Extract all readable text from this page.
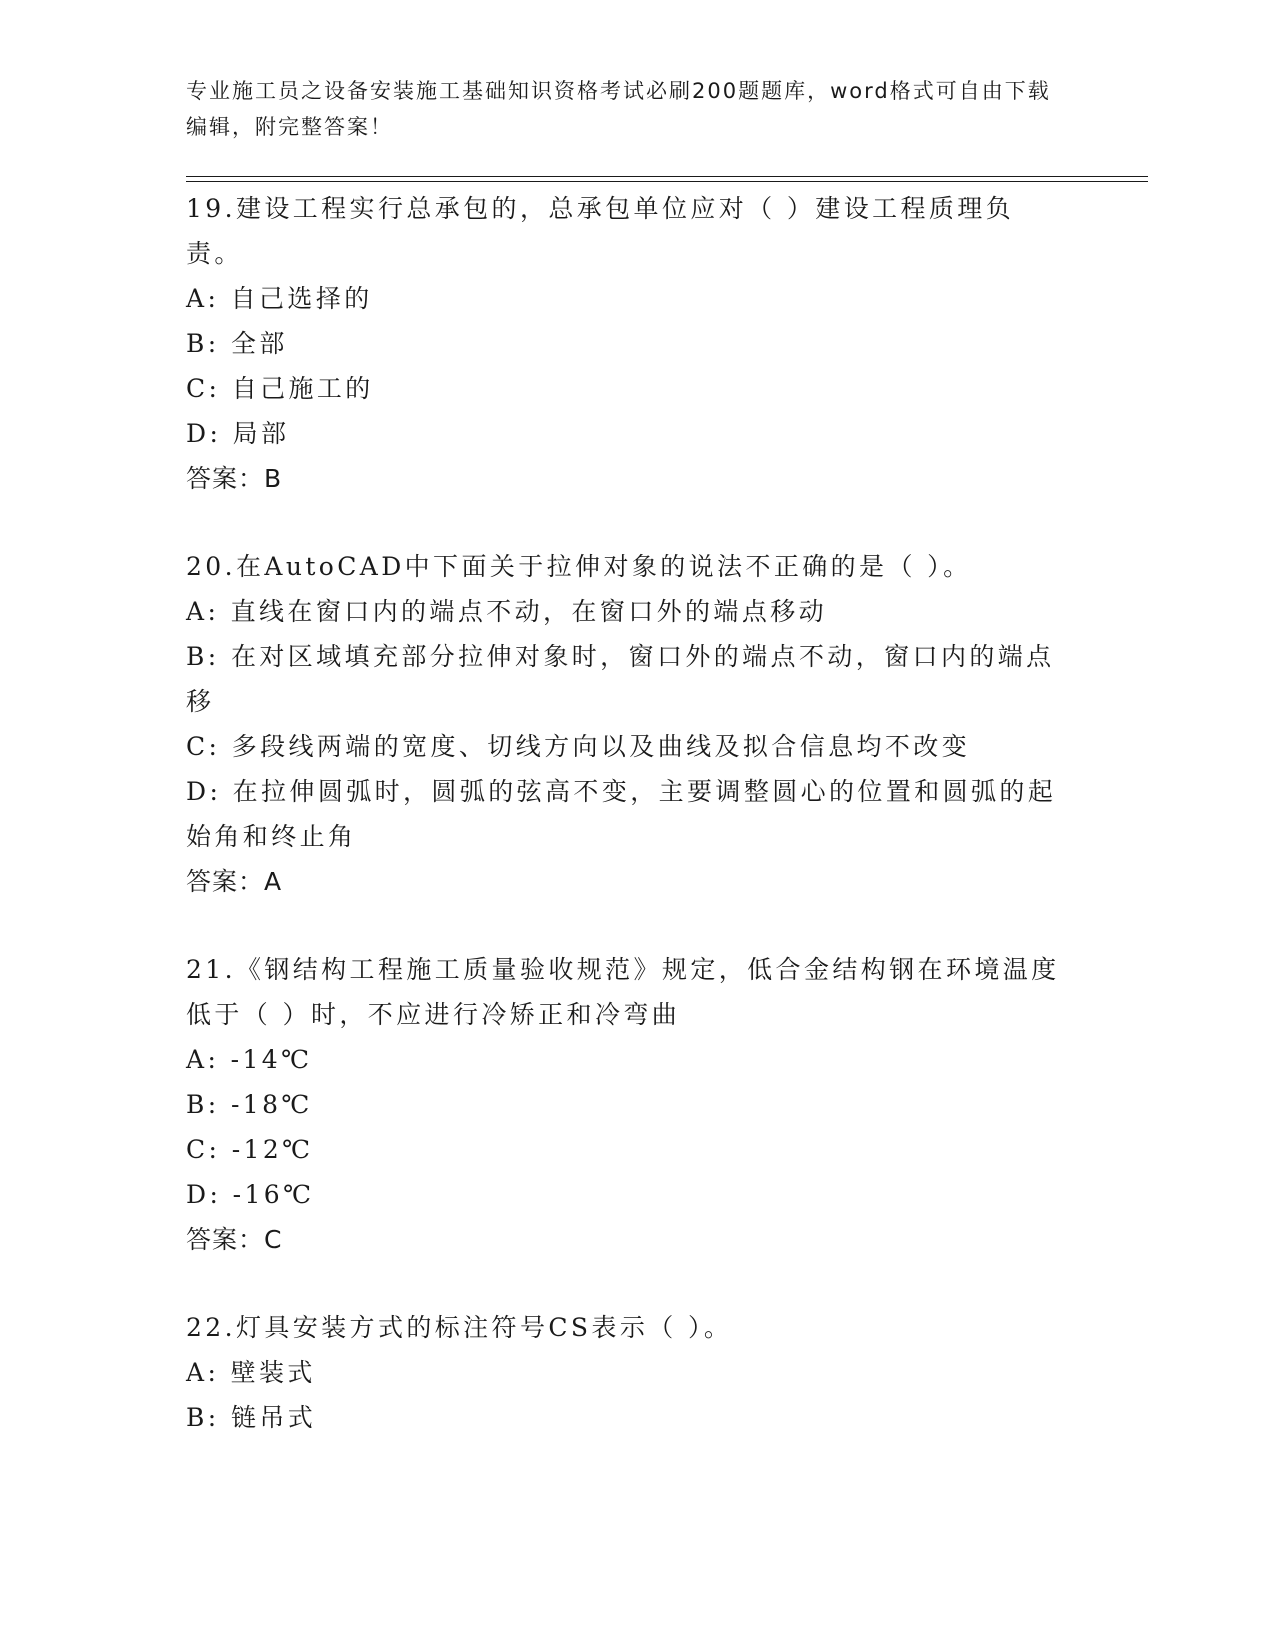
专业施工员之设备安装施工基础知识资格考试必刷200题题库，word格式可自由下载编辑，附完整答案！
19.建设工程实行总承包的，总承包单位应对（ ）建设工程质理负责。
A: 自己选择的
B: 全部
C: 自己施工的
D: 局部
答案：B
20.在AutoCAD中下面关于拉伸对象的说法不正确的是（ ）。
A: 直线在窗口内的端点不动，在窗口外的端点移动
B: 在对区域填充部分拉伸对象时，窗口外的端点不动，窗口内的端点移
C: 多段线两端的宽度、切线方向以及曲线及拟合信息均不改变
D: 在拉伸圆弧时，圆弧的弦高不变，主要调整圆心的位置和圆弧的起始角和终止角
答案：A
21.《钢结构工程施工质量验收规范》规定，低合金结构钢在环境温度低于（ ）时，不应进行冷矫正和冷弯曲
A: -14℃
B: -18℃
C: -12℃
D: -16℃
答案：C
22.灯具安装方式的标注符号CS表示（ ）。
A: 壁装式
B: 链吊式
